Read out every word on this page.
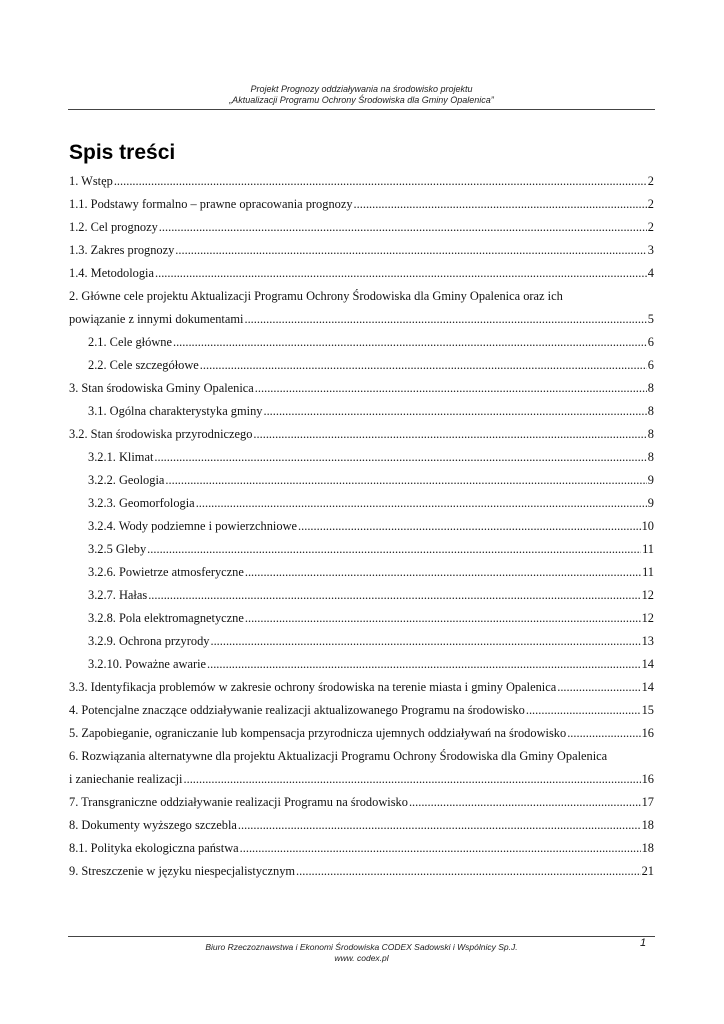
Projekt Prognozy oddziaływania na środowisko projektu
„Aktualizacji Programu Ochrony Środowiska dla Gminy Opalenica”
Spis treści
1. Wstęp .....	2
1.1. Podstawy formalno – prawne opracowania prognozy .....	2
1.2. Cel prognozy .....	2
1.3. Zakres prognozy .....	3
1.4. Metodologia .....	4
2. Główne cele projektu Aktualizacji Programu Ochrony Środowiska dla Gminy Opalenica oraz ich
powiązanie z innymi dokumentami .....	5
2.1. Cele główne .....	6
2.2. Cele szczegółowe .....	6
3. Stan środowiska Gminy Opalenica .....	8
3.1. Ogólna charakterystyka gminy .....	8
3.2. Stan środowiska przyrodniczego .....	8
3.2.1. Klimat .....	8
3.2.2. Geologia .....	9
3.2.3. Geomorfologia .....	9
3.2.4. Wody podziemne i powierzchniowe .....	10
3.2.5 Gleby .....	11
3.2.6. Powietrze atmosferyczne .....	11
3.2.7. Hałas .....	12
3.2.8. Pola elektromagnetyczne .....	12
3.2.9. Ochrona przyrody .....	13
3.2.10. Poważne awarie .....	14
3.3. Identyfikacja problemów w zakresie ochrony środowiska na terenie miasta i gminy Opalenica .....	14
4. Potencjalne znaczące oddziaływanie realizacji aktualizowanego Programu na środowisko .....	15
5. Zapobieganie, ograniczanie lub kompensacja przyrodnicza ujemnych oddziaływań na środowisko .....	16
6. Rozwiązania alternatywne dla projektu Aktualizacji Programu Ochrony Środowiska dla Gminy Opalenica
i zaniechanie realizacji .....	16
7. Transgraniczne oddziaływanie realizacji Programu na środowisko .....	17
8. Dokumenty wyższego szczebla .....	18
8.1. Polityka ekologiczna państwa .....	18
9. Streszczenie w języku niespecjalistycznym .....	21
Biuro Rzeczoznawstwa i Ekonomi Środowiska CODEX Sadowski i Wspólnicy Sp.J.
www. codex.pl
1
